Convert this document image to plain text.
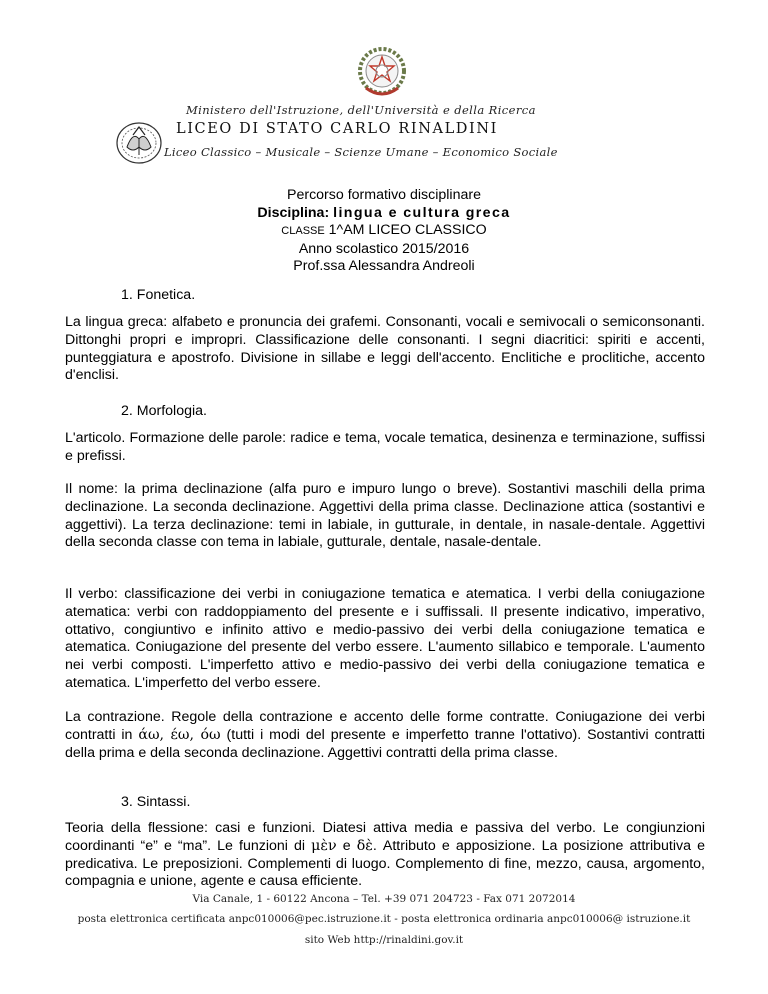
Ministero dell'Istruzione, dell'Università e della Ricerca
LICEO DI STATO CARLO RINALDINI
Liceo Classico – Musicale – Scienze Umane – Economico Sociale
Percorso formativo disciplinare
Disciplina: lingua e cultura greca
CLASSE 1^AM LICEO CLASSICO
Anno scolastico 2015/2016
Prof.ssa Alessandra Andreoli
1. Fonetica.

La lingua greca: alfabeto e pronuncia dei grafemi. Consonanti, vocali e semivocali o semiconsonanti. Dittonghi propri e impropri. Classificazione delle consonanti. I segni diacritici: spiriti e accenti, punteggiatura e apostrofo. Divisione in sillabe e leggi dell'accento. Enclitiche e proclitiche, accento d'enclisi.

2. Morfologia.

L'articolo. Formazione delle parole: radice e tema, vocale tematica, desinenza e terminazione, suffissi e prefissi.

Il nome: la prima declinazione (alfa puro e impuro lungo o breve). Sostantivi maschili della prima declinazione. La seconda declinazione. Aggettivi della prima classe. Declinazione attica (sostantivi e aggettivi). La terza declinazione: temi in labiale, in gutturale, in dentale, in nasale-dentale. Aggettivi della seconda classe con tema in labiale, gutturale, dentale, nasale-dentale.

Il verbo: classificazione dei verbi in coniugazione tematica e atematica. I verbi della coniugazione atematica: verbi con raddoppiamento del presente e i suffissali. Il presente indicativo, imperativo, ottativo, congiuntivo e infinito attivo e medio-passivo dei verbi della coniugazione tematica e atematica. Coniugazione del presente del verbo essere. L'aumento sillabico e temporale. L'aumento nei verbi composti. L'imperfetto attivo e medio-passivo dei verbi della coniugazione tematica e atematica. L'imperfetto del verbo essere.

La contrazione. Regole della contrazione e accento delle forme contratte. Coniugazione dei verbi contratti in άω, έω, όω (tutti i modi del presente e imperfetto tranne l'ottativo). Sostantivi contratti della prima e della seconda declinazione. Aggettivi contratti della prima classe.

3. Sintassi.

Teoria della flessione: casi e funzioni. Diatesi attiva media e passiva del verbo. Le congiunzioni coordinanti “e” e “ma”. Le funzioni di μὲν e δὲ. Attributo e apposizione. La posizione attributiva e predicativa. Le preposizioni. Complementi di luogo. Complemento di fine, mezzo, causa, argomento, compagnia e unione, agente e causa efficiente.

Via Canale, 1 - 60122 Ancona – Tel. +39 071 204723 - Fax 071 2072014
posta elettronica certificata anpc010006@pec.istruzione.it - posta elettronica ordinaria anpc010006@ istruzione.it
sito Web http://rinaldini.gov.it
